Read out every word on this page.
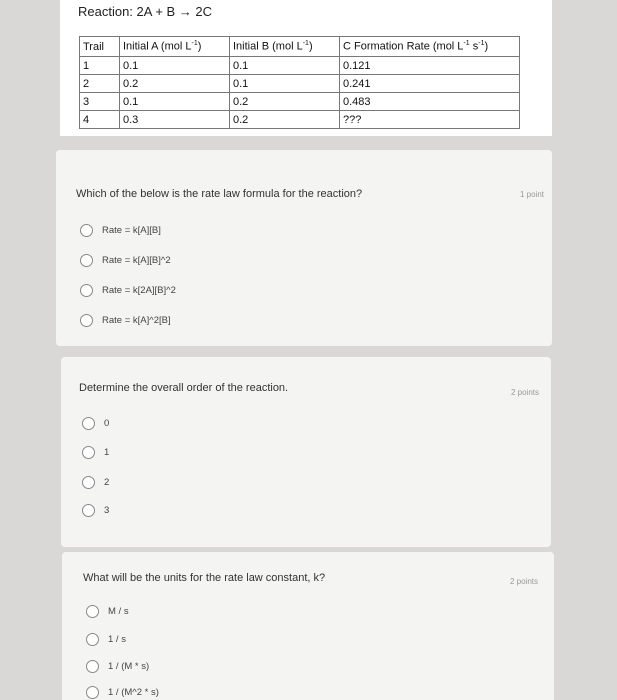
Reaction: 2A + B → 2C
Trail	Initial A (mol $L^{-1}$)	Initial B (mol $L^{-1}$)	C Formation Rate (mol $L^{-1}$ $s^{-1}$)
1	0.1	0.1	0.121
2	0.2	0.1	0.241
3	0.1	0.2	0.483
4	0.3	0.2	???
Which of the below is the rate law formula for the reaction?	1 point
Rate = k[A][B]
Rate = k[A][B]^2
Rate = k[2A][B]^2
Rate = k[A]^2[B]
Determine the overall order of the reaction.	2 points
0
1
2
3
What will be the units for the rate law constant, k?	2 points
M / s
1 / s
1 / (M * s)
1 / (M^2 * s)
